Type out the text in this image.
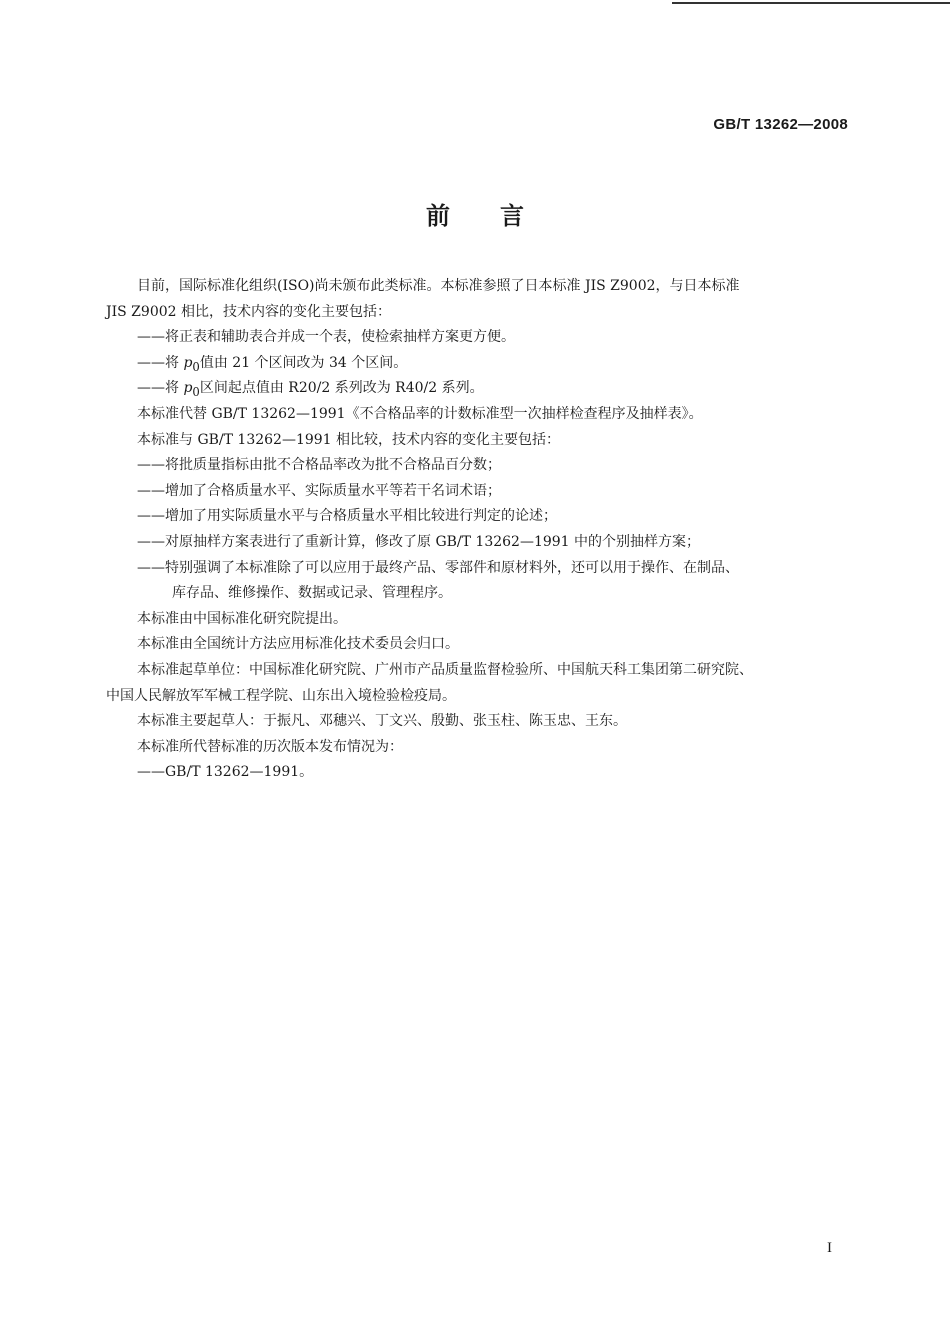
GB/T 13262—2008
前 言
目前，国际标准化组织(ISO)尚未颁布此类标准。本标准参照了日本标准 JIS Z9002，与日本标准
JIS Z9002 相比，技术内容的变化主要包括：
——将正表和辅助表合并成一个表，使检索抽样方案更方便。
——将 $p_0$值由 21 个区间改为 34 个区间。
——将 $p_0$区间起点值由 R20/2 系列改为 R40/2 系列。
本标准代替 GB/T 13262—1991《不合格品率的计数标准型一次抽样检查程序及抽样表》。
本标准与 GB/T 13262—1991 相比较，技术内容的变化主要包括：
——将批质量指标由批不合格品率改为批不合格品百分数；
——增加了合格质量水平、实际质量水平等若干名词术语；
——增加了用实际质量水平与合格质量水平相比较进行判定的论述；
——对原抽样方案表进行了重新计算，修改了原 GB/T 13262—1991 中的个别抽样方案；
——特别强调了本标准除了可以应用于最终产品、零部件和原材料外，还可以用于操作、在制品、
库存品、维修操作、数据或记录、管理程序。
本标准由中国标准化研究院提出。
本标准由全国统计方法应用标准化技术委员会归口。
本标准起草单位：中国标准化研究院、广州市产品质量监督检验所、中国航天科工集团第二研究院、
中国人民解放军军械工程学院、山东出入境检验检疫局。
本标准主要起草人：于振凡、邓穗兴、丁文兴、殷勤、张玉柱、陈玉忠、王东。
本标准所代替标准的历次版本发布情况为：
——GB/T 13262—1991。
I
